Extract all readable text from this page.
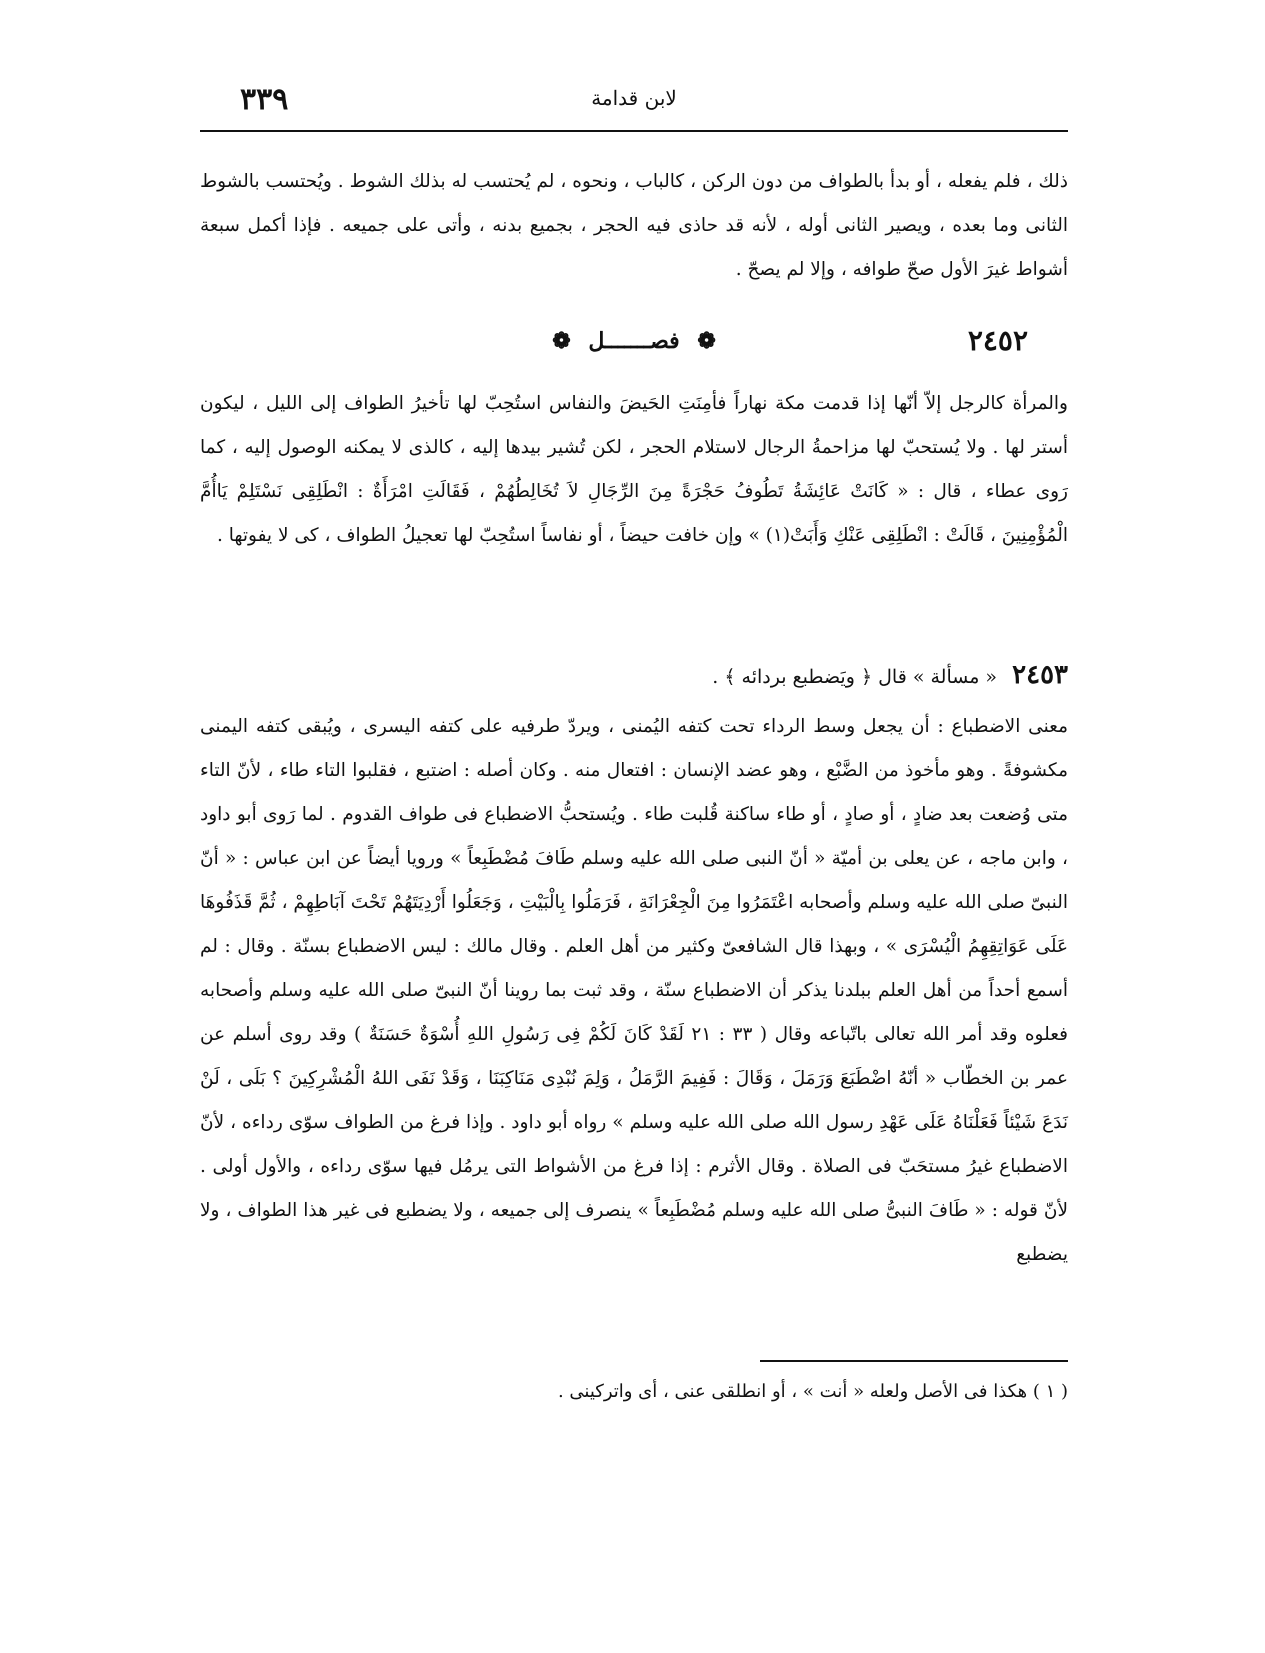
٣٣٩	لابن قدامة

ذلك ، فلم يفعله ، أو بدأ بالطواف من دون الركن ، كالباب ، ونحوه ، لم يُحتسب له بذلك الشوط . ويُحتسب بالشوط الثانى وما بعده ، ويصير الثانى أوله ، لأنه قد حاذى فيه الحجر ، بجميع بدنه ، وأتى على جميعه . فإذا أكمل سبعة أشواط غيرَ الأول صحّ طوافه ، وإلا لم يصحّ .

٢٤٥٢
❁ فصـــــــل ❁

والمرأة كالرجل إلاّ أنّها إذا قدمت مكة نهاراً فأمِنَتِ الحَيضَ والنفاس استُحِبّ لها تأخيرُ الطواف إلى الليل ، ليكون أستر لها . ولا يُستحبّ لها مزاحمةُ الرجال لاستلام الحجر ، لكن تُشير بيدها إليه ، كالذى لا يمكنه الوصول إليه ، كما رَوى عطاء ، قال : « كَانَتْ عَائِشَةُ تَطُوفُ حَجْرَةً مِنَ الرِّجَالِ لاَ تُخَالِطُهُمْ ، فَقَالَتِ امْرَأَةٌ : انْطَلِقِى نَسْتَلِمْ يَاأُمَّ الْمُؤْمِنِينَ ، قَالَتْ : انْطَلِقِى عَنْكِ وَأَبَتْ(١) » وإن خافت حيضاً ، أو نفاساً استُحِبّ لها تعجيلُ الطواف ، كى لا يفوتها .

٢٤٥٣ « مسألة » قال ﴿ ويَضطبع بردائه ﴾ .

معنى الاضطباع : أن يجعل وسط الرداء تحت كتفه اليُمنى ، ويردّ طرفيه على كتفه اليسرى ، ويُبقى كتفه اليمنى مكشوفةً . وهو مأخوذ من الضَّبْع ، وهو عضد الإنسان : افتعال منه . وكان أصله : اضتبع ، فقلبوا التاء طاء ، لأنّ التاء متى وُضعت بعد ضادٍ ، أو صادٍ ، أو طاء ساكنة قُلبت طاء . ويُستحبُّ الاضطباع فى طواف القدوم . لما رَوى أبو داود ، وابن ماجه ، عن يعلى بن أميّة « أنّ النبى صلى الله عليه وسلم طَافَ مُضْطَبِعاً » ورويا أيضاً عن ابن عباس : « أنّ النبىّ صلى الله عليه وسلم وأصحابه اعْتَمَرُوا مِنَ الْجِعْرَانَةِ ، فَرَمَلُوا بِالْبَيْتِ ، وَجَعَلُوا أَرْدِيَتَهُمْ تَحْتَ آبَاطِهِمْ ، ثُمَّ قَذَفُوهَا عَلَى عَوَاتِقِهِمُ الْيُسْرَى » ، وبهذا قال الشافعىّ وكثير من أهل العلم . وقال مالك : ليس الاضطباع بسنّة . وقال : لم أسمع أحداً من أهل العلم ببلدنا يذكر أن الاضطباع سنّة ، وقد ثبت بما روينا أنّ النبىّ صلى الله عليه وسلم وأصحابه فعلوه وقد أمر الله تعالى باتّباعه وقال ( ٣٣ : ٢١ لَقَدْ كَانَ لَكُمْ فِى رَسُولِ اللهِ أُسْوَةٌ حَسَنَةٌ ) وقد روى أسلم عن عمر بن الخطّاب « أنّهُ اضْطَبَعَ وَرَمَلَ ، وَقَالَ : فَفِيمَ الرَّمَلُ ، وَلِمَ نُبْدِى مَنَاكِبَنَا ، وَقَدْ نَفَى اللهُ الْمُشْرِكِينَ ؟ بَلَى ، لَنْ نَدَعَ شَيْئاً فَعَلْنَاهُ عَلَى عَهْدِ رسول الله صلى الله عليه وسلم » رواه أبو داود . وإذا فرغ من الطواف سوّى رداءه ، لأنّ الاضطباع غيرُ مستحَبّ فى الصلاة . وقال الأثرم : إذا فرغ من الأشواط التى يرمُل فيها سوّى رداءه ، والأول أولى . لأنّ قوله : « طَافَ النبىُّ صلى الله عليه وسلم مُضْطَبِعاً » ينصرف إلى جميعه ، ولا يضطبع فى غير هذا الطواف ، ولا يضطبع

( ١ ) هكذا فى الأصل ولعله « أنت » ، أو انطلقى عنى ، أى واتركينى .
